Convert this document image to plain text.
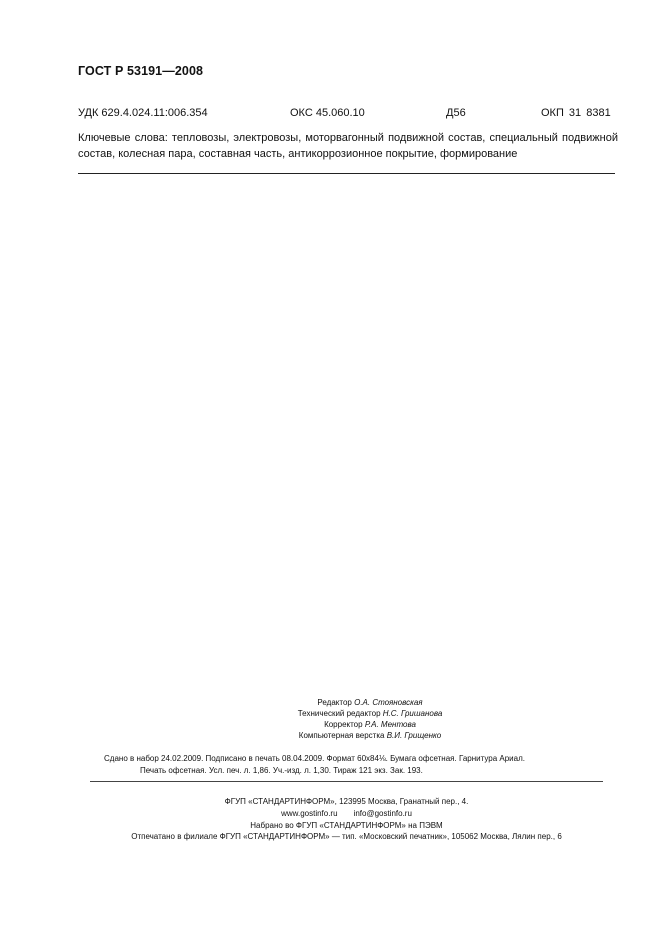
ГОСТ Р 53191—2008
УДК 629.4.024.11:006.354	ОКС 45.060.10	Д56	ОКП 31 8381
Ключевые слова: тепловозы, электровозы, моторвагонный подвижной состав, специальный подвижной состав, колесная пара, составная часть, антикоррозионное покрытие, формирование
Редактор О.А. Стояновская
Технический редактор Н.С. Гришанова
Корректор Р.А. Ментова
Компьютерная верстка В.И. Грищенко
Сдано в набор 24.02.2009. Подписано в печать 08.04.2009. Формат 60x84⅛. Бумага офсетная. Гарнитура Ариал.
Печать офсетная. Усл. печ. л. 1,86. Уч.-изд. л. 1,30. Тираж 121 экз. Зак. 193.
ФГУП «СТАНДАРТИНФОРМ», 123995 Москва, Гранатный пер., 4.
www.gostinfo.ru info@gostinfo.ru
Набрано во ФГУП «СТАНДАРТИНФОРМ» на ПЭВМ
Отпечатано в филиале ФГУП «СТАНДАРТИНФОРМ» — тип. «Московский печатник», 105062 Москва, Лялин пер., 6
